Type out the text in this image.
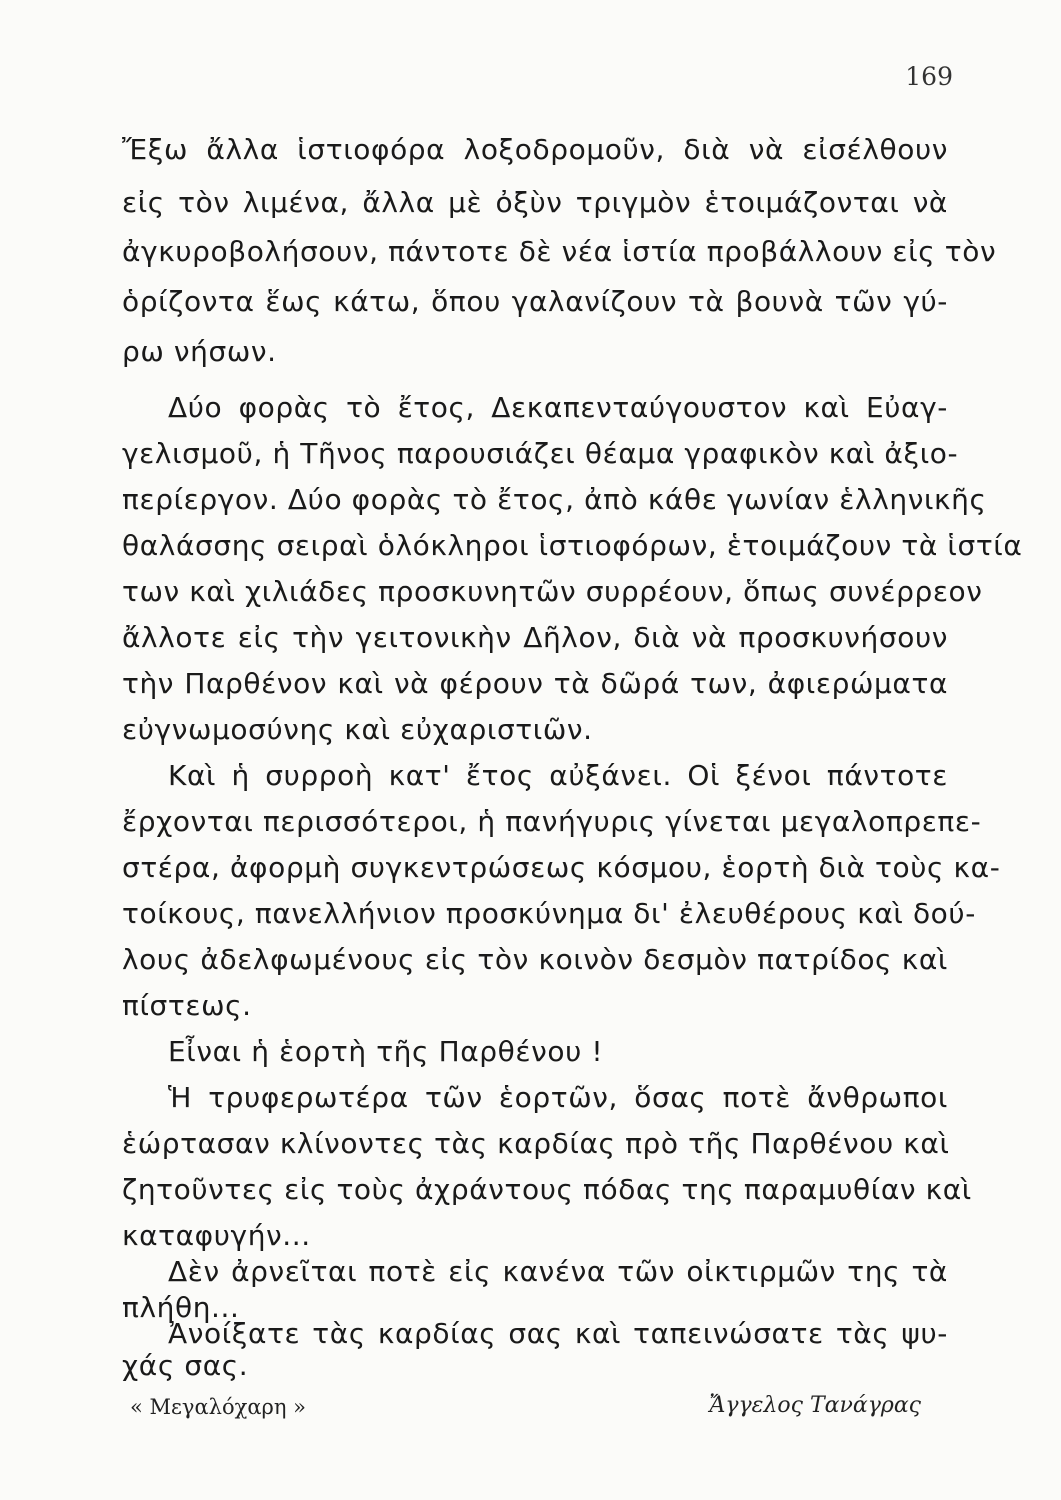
169
« Μεγαλόχαρη »	Ἄγγελος Τανάγρας
Ἔξω ἄλλα ἱστιοφόρα λοξοδρομοῦν, διὰ νὰ εἰσέλθουν
εἰς τὸν λιμένα, ἄλλα μὲ ὀξὺν τριγμὸν ἑτοιμάζονται νὰ
ἀγκυροβολήσουν, πάντοτε δὲ νέα ἱστία προβάλλουν εἰς τὸν
ὁρίζοντα ἕως κάτω, ὅπου γαλανίζουν τὰ βουνὰ τῶν γύ-
ρω νήσων.
Δύο φορὰς τὸ ἔτος, Δεκαπενταύγουστον καὶ Εὐαγ-
γελισμοῦ, ἡ Τῆνος παρουσιάζει θέαμα γραφικὸν καὶ ἀξιο-
περίεργον. Δύο φορὰς τὸ ἔτος, ἀπὸ κάθε γωνίαν ἑλληνικῆς
θαλάσσης σειραὶ ὁλόκληροι ἱστιοφόρων, ἑτοιμάζουν τὰ ἱστία
των καὶ χιλιάδες προσκυνητῶν συρρέουν, ὅπως συνέρρεον
ἄλλοτε εἰς τὴν γειτονικὴν Δῆλον, διὰ νὰ προσκυνήσουν
τὴν Παρθένον καὶ νὰ φέρουν τὰ δῶρά των, ἀφιερώματα
εὐγνωμοσύνης καὶ εὐχαριστιῶν.
Καὶ ἡ συρροὴ κατ' ἔτος αὐξάνει. Οἱ ξένοι πάντοτε
ἔρχονται περισσότεροι, ἡ πανήγυρις γίνεται μεγαλοπρεπε-
στέρα, ἀφορμὴ συγκεντρώσεως κόσμου, ἑορτὴ διὰ τοὺς κα-
τοίκους, πανελλήνιον προσκύνημα δι' ἐλευθέρους καὶ δού-
λους ἀδελφωμένους εἰς τὸν κοινὸν δεσμὸν πατρίδος καὶ
πίστεως.
Εἶναι ἡ ἑορτὴ τῆς Παρθένου !
Ἡ τρυφερωτέρα τῶν ἑορτῶν, ὅσας ποτὲ ἄνθρωποι
ἑώρτασαν κλίνοντες τὰς καρδίας πρὸ τῆς Παρθένου καὶ
ζητοῦντες εἰς τοὺς ἀχράντους πόδας της παραμυθίαν καὶ
καταφυγήν...
Δὲν ἀρνεῖται ποτὲ εἰς κανένα τῶν οἰκτιρμῶν της τὰ
πλήθη...
Ἀνοίξατε τὰς καρδίας σας καὶ ταπεινώσατε τὰς ψυ-
χάς σας.
